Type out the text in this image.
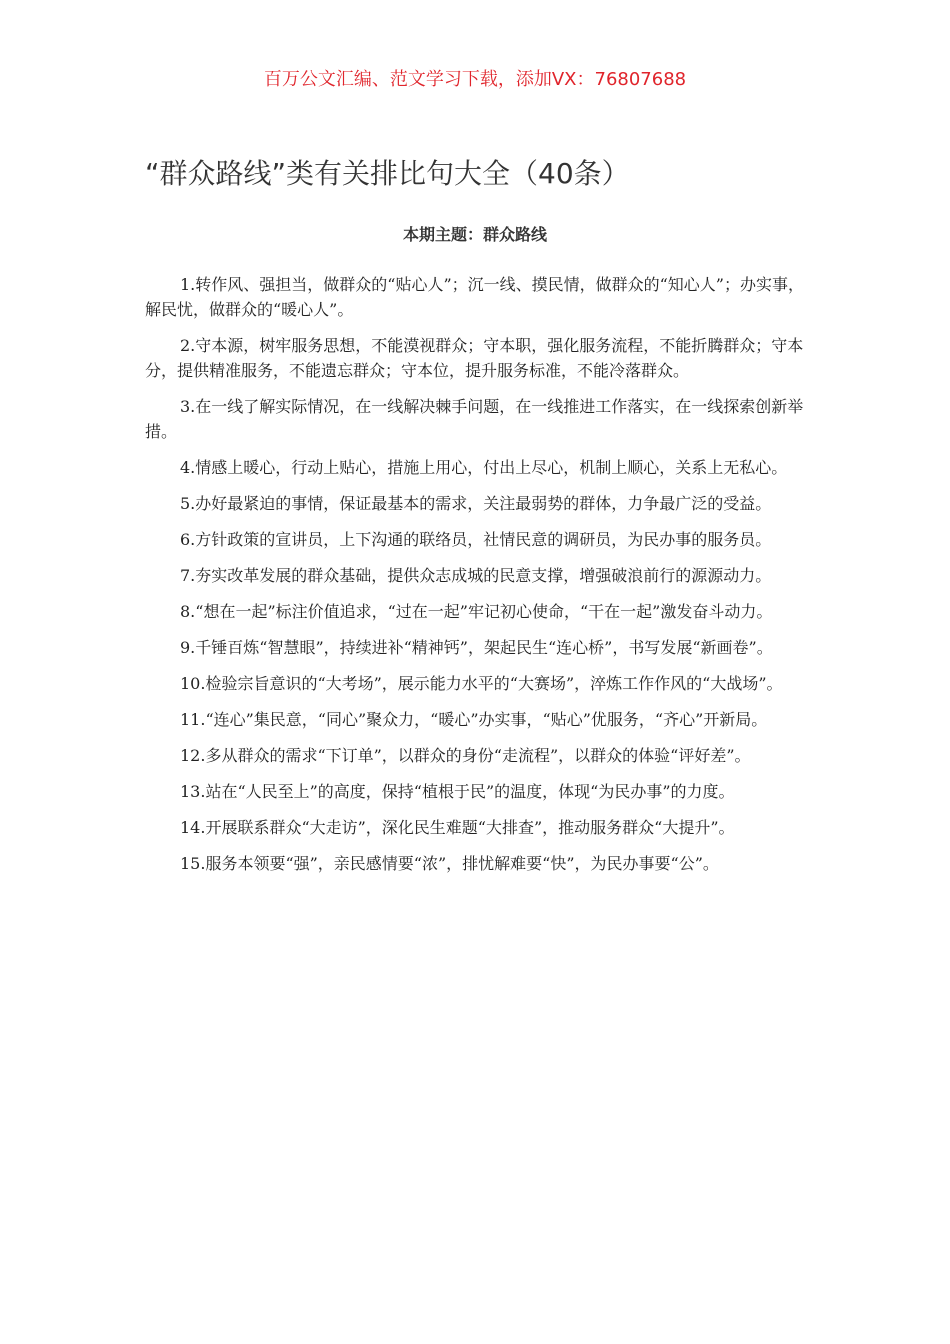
百万公文汇编、范文学习下载，添加VX：76807688
“群众路线”类有关排比句大全（40条）
本期主题：群众路线
1.转作风、强担当，做群众的“贴心人”；沉一线、摸民情，做群众的“知心人”；办实事，解民忧，做群众的“暖心人”。
2.守本源，树牢服务思想，不能漠视群众；守本职，强化服务流程，不能折腾群众；守本分，提供精准服务，不能遗忘群众；守本位，提升服务标准，不能冷落群众。
3.在一线了解实际情况，在一线解决棘手问题，在一线推进工作落实，在一线探索创新举措。
4.情感上暖心，行动上贴心，措施上用心，付出上尽心，机制上顺心，关系上无私心。
5.办好最紧迫的事情，保证最基本的需求，关注最弱势的群体，力争最广泛的受益。
6.方针政策的宣讲员，上下沟通的联络员，社情民意的调研员，为民办事的服务员。
7.夯实改革发展的群众基础，提供众志成城的民意支撑，增强破浪前行的源源动力。
8.“想在一起”标注价值追求，“过在一起”牢记初心使命，“干在一起”激发奋斗动力。
9.千锤百炼“智慧眼”，持续进补“精神钙”，架起民生“连心桥”，书写发展“新画卷”。
10.检验宗旨意识的“大考场”，展示能力水平的“大赛场”，淬炼工作作风的“大战场”。
11.“连心”集民意，“同心”聚众力，“暖心”办实事，“贴心”优服务，“齐心”开新局。
12.多从群众的需求“下订单”，以群众的身份“走流程”，以群众的体验“评好差”。
13.站在“人民至上”的高度，保持“植根于民”的温度，体现“为民办事”的力度。
14.开展联系群众“大走访”，深化民生难题“大排查”，推动服务群众“大提升”。
15.服务本领要“强”，亲民感情要“浓”，排忧解难要“快”，为民办事要“公”。
